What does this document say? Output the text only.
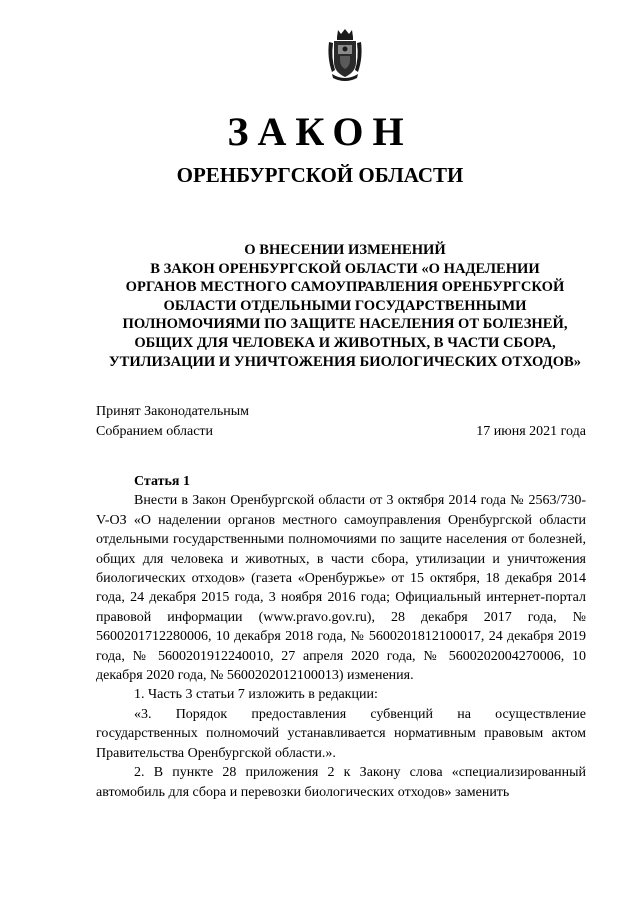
ЗАКОН
ОРЕНБУРГСКОЙ ОБЛАСТИ
О ВНЕСЕНИИ ИЗМЕНЕНИЙ
В ЗАКОН ОРЕНБУРГСКОЙ ОБЛАСТИ «О НАДЕЛЕНИИ
ОРГАНОВ МЕСТНОГО САМОУПРАВЛЕНИЯ ОРЕНБУРГСКОЙ
ОБЛАСТИ ОТДЕЛЬНЫМИ ГОСУДАРСТВЕННЫМИ
ПОЛНОМОЧИЯМИ ПО ЗАЩИТЕ НАСЕЛЕНИЯ ОТ БОЛЕЗНЕЙ,
ОБЩИХ ДЛЯ ЧЕЛОВЕКА И ЖИВОТНЫХ, В ЧАСТИ СБОРА,
УТИЛИЗАЦИИ И УНИЧТОЖЕНИЯ БИОЛОГИЧЕСКИХ ОТХОДОВ»
Принят Законодательным
Собранием области	17 июня 2021 года
Статья 1

Внести в Закон Оренбургской области от 3 октября 2014 года № 2563/730-V-ОЗ «О наделении органов местного самоуправления Оренбургской области отдельными государственными полномочиями по защите населения от болезней, общих для человека и животных, в части сбора, утилизации и уничтожения биологических отходов» (газета «Оренбуржье» от 15 октября, 18 декабря 2014 года, 24 декабря 2015 года, 3 ноября 2016 года; Официальный интернет-портал правовой информации (www.pravo.gov.ru), 28 декабря 2017 года, № 5600201712280006, 10 декабря 2018 года, № 5600201812100017, 24 декабря 2019 года, № 5600201912240010, 27 апреля 2020 года, № 5600202004270006, 10 декабря 2020 года, № 5600202012100013) изменения.

1. Часть 3 статьи 7 изложить в редакции:

«3. Порядок предоставления субвенций на осуществление государственных полномочий устанавливается нормативным правовым актом Правительства Оренбургской области.».

2. В пункте 28 приложения 2 к Закону слова «специализированный автомобиль для сбора и перевозки биологических отходов» заменить
